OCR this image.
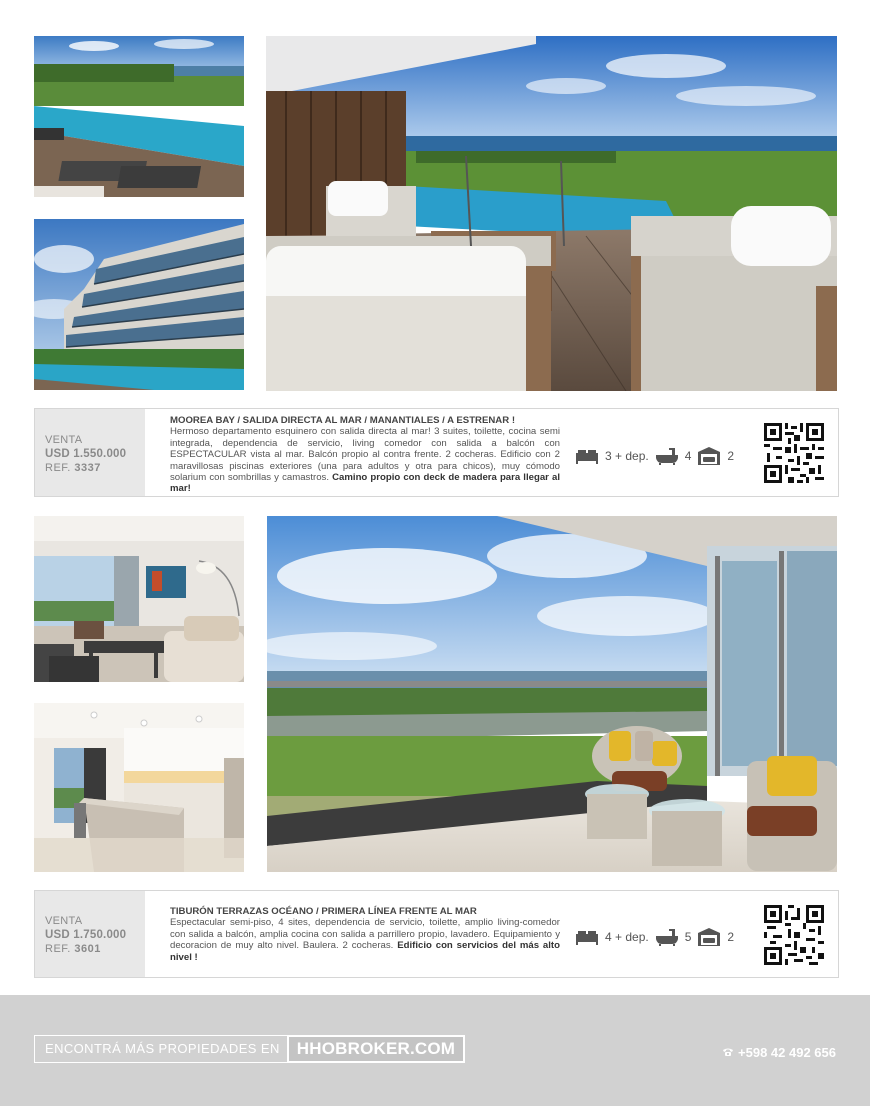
VENTA
USD 1.550.000
REF. 3337
MOOREA BAY / SALIDA DIRECTA AL MAR / MANANTIALES / A ESTRENAR !
Hermoso departamento esquinero con salida directa al mar! 3 suites, toilette, cocina semi integrada, dependencia de servicio, living comedor con salida a balcón con ESPECTACULAR vista al mar. Balcón propio al contra frente. 2 cocheras. Edificio con 2 maravillosas piscinas exteriores (una para adultos y otra para chicos), muy cómodo solarium con sombrillas y camastros. Camino propio con deck de madera para llegar al mar!
3 + dep.	4	2
VENTA
USD 1.750.000
REF. 3601
TIBURÓN TERRAZAS OCÉANO / PRIMERA LÍNEA FRENTE AL MAR
Espectacular semi-piso, 4 sites, dependencia de servicio, toilette, amplio living-comedor con salida a balcón, amplia cocina con salida a parrillero propio, lavadero. Equipamiento y decoracion de muy alto nivel. Baulera. 2 cocheras. Edificio con servicios del más alto nivel !
4 + dep.	5	2
ENCONTRÁ MÁS PROPIEDADES EN	HHOBROKER.COM	+598 42 492 656
